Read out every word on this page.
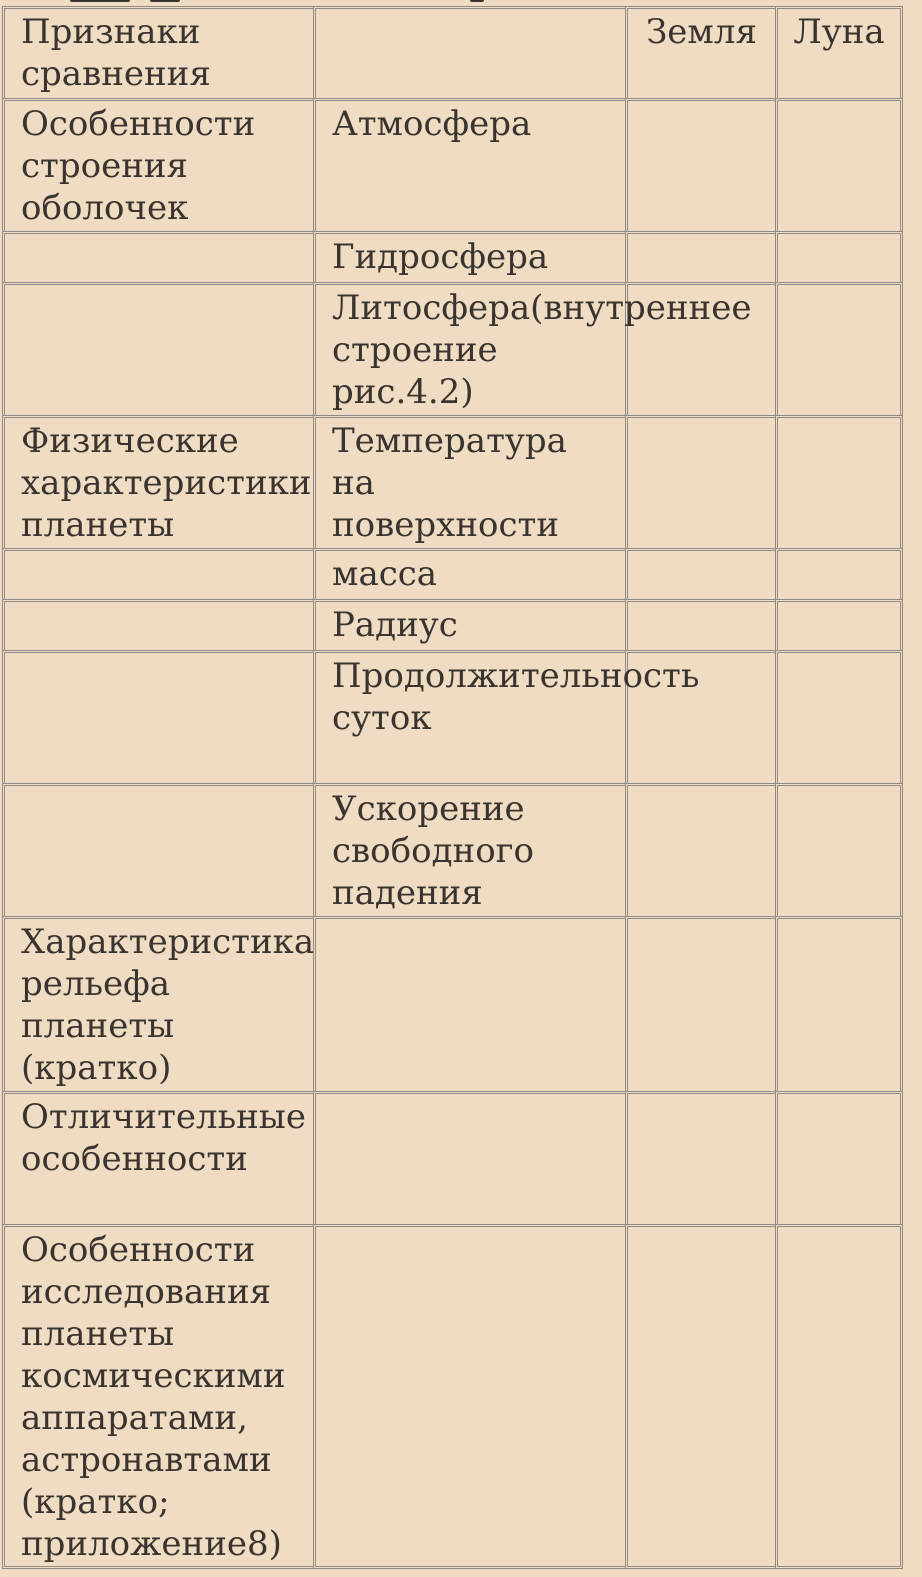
Признаки сравнения		Земля	Луна

Особенности строения оболочек	Атмосфера		

	Гидросфера		

	Литосфера(внутреннее строение рис.4.2)		

Физические характеристики планеты	Температура на поверхности		

	масса		

	Радиус		

	Продолжительность суток		

	Ускорение свободного падения		

Характеристика рельефа планеты (кратко)			

Отличительные особенности			

Особенности исследования планеты космическими аппаратами, астронавтами (кратко; приложение8)			
